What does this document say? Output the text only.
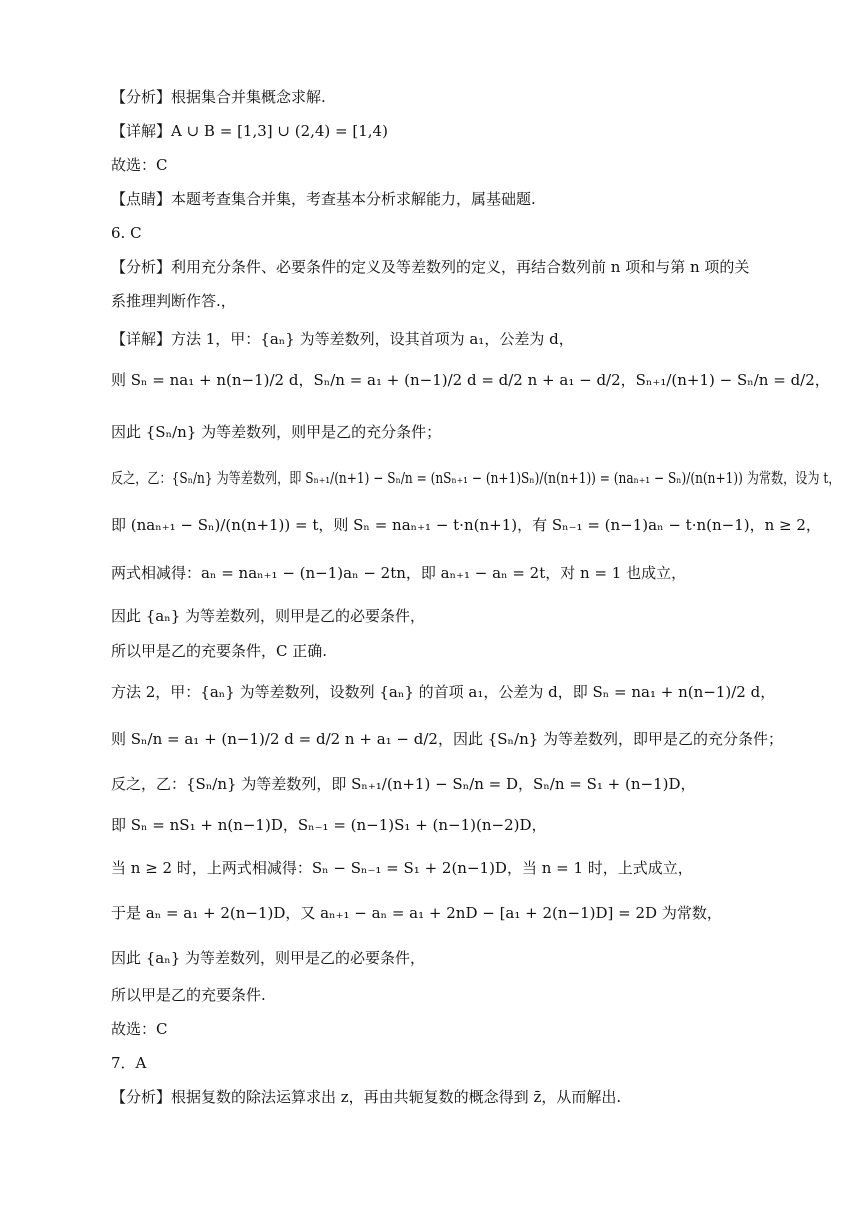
【分析】根据集合并集概念求解.
【详解】A ∪ B = [1,3] ∪ (2,4) = [1,4)
故选：C
【点睛】本题考查集合并集，考查基本分析求解能力，属基础题.
6. C
【分析】利用充分条件、必要条件的定义及等差数列的定义，再结合数列前 n 项和与第 n 项的关
系推理判断作答.，
【详解】方法 1，甲：{aₙ} 为等差数列，设其首项为 a₁，公差为 d，
则 Sₙ = na₁ + n(n−1)/2 d，Sₙ/n = a₁ + (n−1)/2 d = d/2 n + a₁ − d/2，Sₙ₊₁/(n+1) − Sₙ/n = d/2，
因此 {Sₙ/n} 为等差数列，则甲是乙的充分条件；
反之，乙：{Sₙ/n} 为等差数列，即 Sₙ₊₁/(n+1) − Sₙ/n = (nSₙ₊₁ − (n+1)Sₙ)/(n(n+1)) = (naₙ₊₁ − Sₙ)/(n(n+1)) 为常数，设为 t，
即 (naₙ₊₁ − Sₙ)/(n(n+1)) = t，则 Sₙ = naₙ₊₁ − t·n(n+1)，有 Sₙ₋₁ = (n−1)aₙ − t·n(n−1)，n ≥ 2，
两式相减得：aₙ = naₙ₊₁ − (n−1)aₙ − 2tn，即 aₙ₊₁ − aₙ = 2t，对 n = 1 也成立，
因此 {aₙ} 为等差数列，则甲是乙的必要条件，
所以甲是乙的充要条件，C 正确.
方法 2，甲：{aₙ} 为等差数列，设数列 {aₙ} 的首项 a₁，公差为 d，即 Sₙ = na₁ + n(n−1)/2 d，
则 Sₙ/n = a₁ + (n−1)/2 d = d/2 n + a₁ − d/2，因此 {Sₙ/n} 为等差数列，即甲是乙的充分条件；
反之，乙：{Sₙ/n} 为等差数列，即 Sₙ₊₁/(n+1) − Sₙ/n = D，Sₙ/n = S₁ + (n−1)D，
即 Sₙ = nS₁ + n(n−1)D，Sₙ₋₁ = (n−1)S₁ + (n−1)(n−2)D，
当 n ≥ 2 时，上两式相减得：Sₙ − Sₙ₋₁ = S₁ + 2(n−1)D，当 n = 1 时，上式成立，
于是 aₙ = a₁ + 2(n−1)D，又 aₙ₊₁ − aₙ = a₁ + 2nD − [a₁ + 2(n−1)D] = 2D 为常数，
因此 {aₙ} 为等差数列，则甲是乙的必要条件，
所以甲是乙的充要条件.
故选：C
7．A
【分析】根据复数的除法运算求出 z，再由共轭复数的概念得到 z̄，从而解出.
